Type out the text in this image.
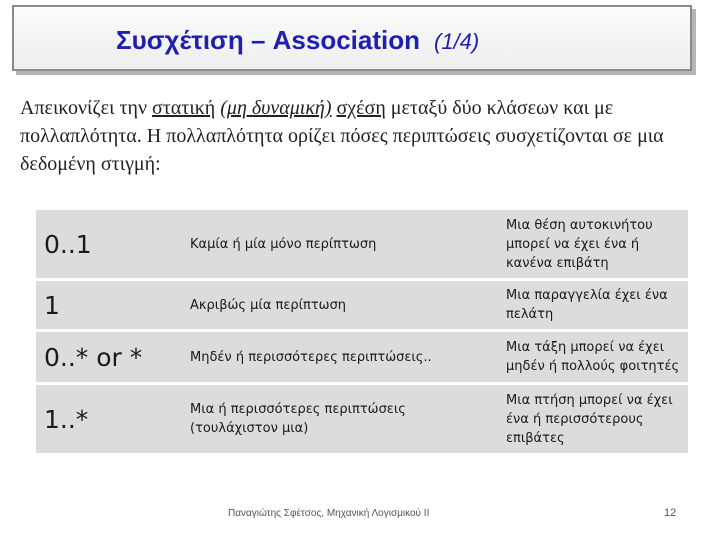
Συσχέτιση – Association (1/4)
Απεικονίζει την στατική (μη δυναμική) σχέση μεταξύ δύο κλάσεων και με πολλαπλότητα. Η πολλαπλότητα ορίζει πόσες περιπτώσεις συσχετίζονται σε μια δεδομένη στιγμή:
0..1	Καμία ή μία μόνο περίπτωση	Μια θέση αυτοκινήτου μπορεί να έχει ένα ή κανένα επιβάτη
1	Ακριβώς μία περίπτωση	Μια παραγγελία έχει ένα πελάτη
0..* or *	Μηδέν ή περισσότερες περιπτώσεις..	Μια τάξη μπορεί να έχει μηδέν ή πολλούς φοιτητές
1..*	Μια ή περισσότερες περιπτώσεις (τουλάχιστον μια)	Μια πτήση μπορεί να έχει ένα ή περισσότερους επιβάτες
Παναγιώτης Σφέτσος, Μηχανική Λογισμικού ΙΙ	12
